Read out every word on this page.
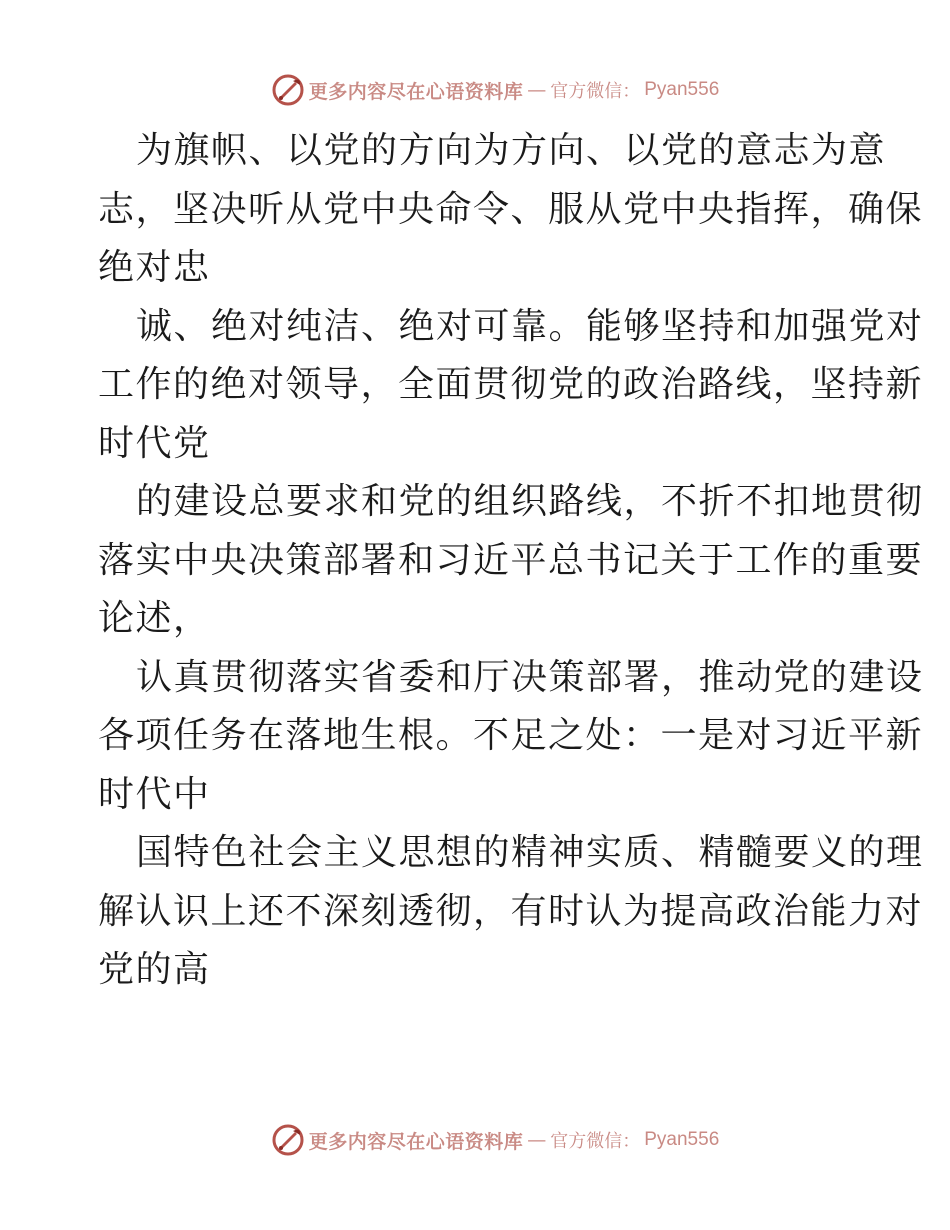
更多内容尽在心语资料库 — 官方微信： Pyan556
为旗帜、以党的方向为方向、以党的意志为意
志，坚决听从党中央命令、服从党中央指挥，确保
绝对忠
诚、绝对纯洁、绝对可靠。能够坚持和加强党对
工作的绝对领导，全面贯彻党的政治路线，坚持新
时代党
的建设总要求和党的组织路线，不折不扣地贯彻
落实中央决策部署和习近平总书记关于工作的重要
论述，
认真贯彻落实省委和厅决策部署，推动党的建设
各项任务在落地生根。不足之处：一是对习近平新
时代中
国特色社会主义思想的精神实质、精髓要义的理
解认识上还不深刻透彻，有时认为提高政治能力对
党的高
更多内容尽在心语资料库 — 官方微信： Pyan556
